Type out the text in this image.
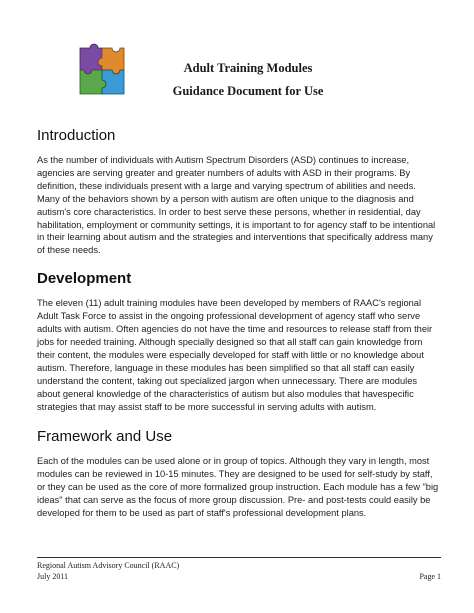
Adult Training Modules
Guidance Document for Use
Introduction

As the number of individuals with Autism Spectrum Disorders (ASD) continues to increase, agencies are serving greater and greater numbers of adults with ASD in their programs. By definition, these individuals present with a large and varying spectrum of abilities and needs. Many of the behaviors shown by a person with autism are often unique to the diagnosis and autism's core characteristics. In order to best serve these persons, whether in residential, day habilitation, employment or community settings, it is important to for agency staff to be intentional in their learning about autism and the strategies and interventions that specifically address many of these needs.

Development

The eleven (11) adult training modules have been developed by members of RAAC's regional Adult Task Force to assist in the ongoing professional development of agency staff who serve adults with autism. Often agencies do not have the time and resources to release staff from their jobs for needed training. Although specially designed so that all staff can gain knowledge from their content, the modules were especially developed for staff with little or no knowledge about autism. Therefore, language in these modules has been simplified so that all staff can easily understand the content, taking out specialized jargon when unnecessary. There are modules about general knowledge of the characteristics of autism but also modules that havespecific strategies that may assist staff to be more successful in serving adults with autism.

Framework and Use

Each of the modules can be used alone or in group of topics. Although they vary in length, most modules can be reviewed in 10-15 minutes. They are designed to be used for self-study by staff, or they can be used as the core of more formalized group instruction. Each module has a few "big ideas" that can serve as the focus of more group discussion. Pre- and post-tests could easily be developed for them to be used as part of staff's professional development plans.

Regional Autism Advisory Council (RAAC)
July 2011	Page 1
